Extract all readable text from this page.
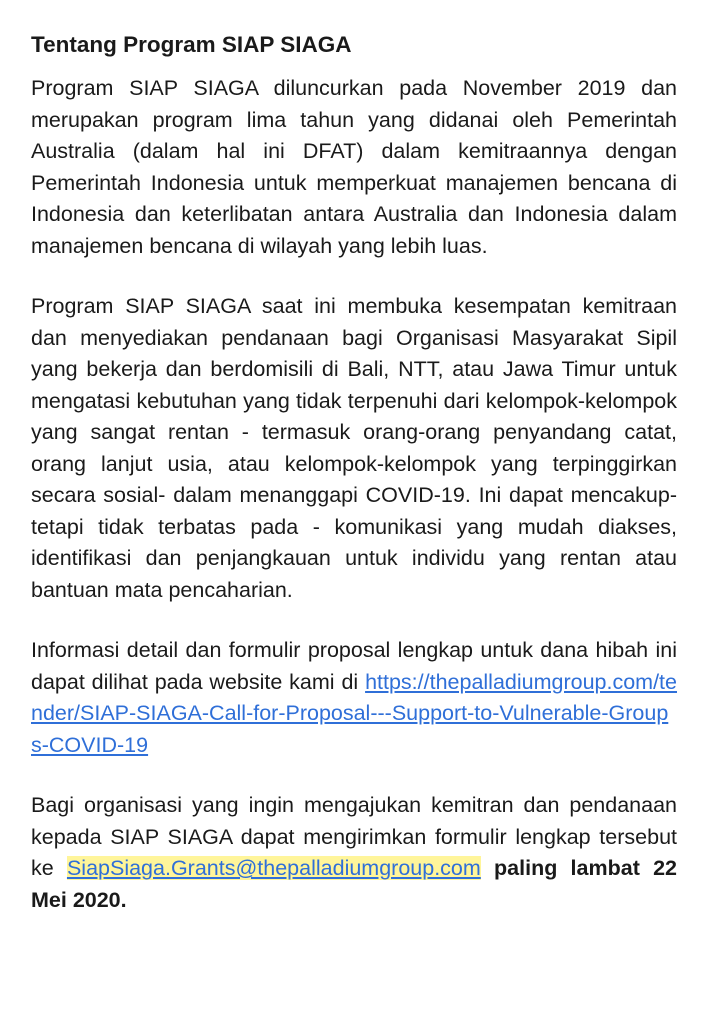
Tentang Program SIAP SIAGA

Program SIAP SIAGA diluncurkan pada November 2019 dan merupakan program lima tahun yang didanai oleh Pemerintah Australia (dalam hal ini DFAT) dalam kemitraannya dengan Pemerintah Indonesia untuk memperkuat manajemen bencana di Indonesia dan keterlibatan antara Australia dan Indonesia dalam manajemen bencana di wilayah yang lebih luas.

Program SIAP SIAGA saat ini membuka kesempatan kemitraan dan menyediakan pendanaan bagi Organisasi Masyarakat Sipil yang bekerja dan berdomisili di Bali, NTT, atau Jawa Timur untuk mengatasi kebutuhan yang tidak terpenuhi dari kelompok-kelompok yang sangat rentan - termasuk orang-orang penyandang catat, orang lanjut usia, atau kelompok-kelompok yang terpinggirkan secara sosial- dalam menanggapi COVID-19. Ini dapat mencakup- tetapi tidak terbatas pada - komunikasi yang mudah diakses, identifikasi dan penjangkauan untuk individu yang rentan atau bantuan mata pencaharian.

Informasi detail dan formulir proposal lengkap untuk dana hibah ini dapat dilihat pada website kami di https://thepalladiumgroup.com/tender/SIAP-SIAGA-Call-for-Proposal---Support-to-Vulnerable-Groups-COVID-19

Bagi organisasi yang ingin mengajukan kemitran dan pendanaan kepada SIAP SIAGA dapat mengirimkan formulir lengkap tersebut ke SiapSiaga.Grants@thepalladiumgroup.com paling lambat 22 Mei 2020.
